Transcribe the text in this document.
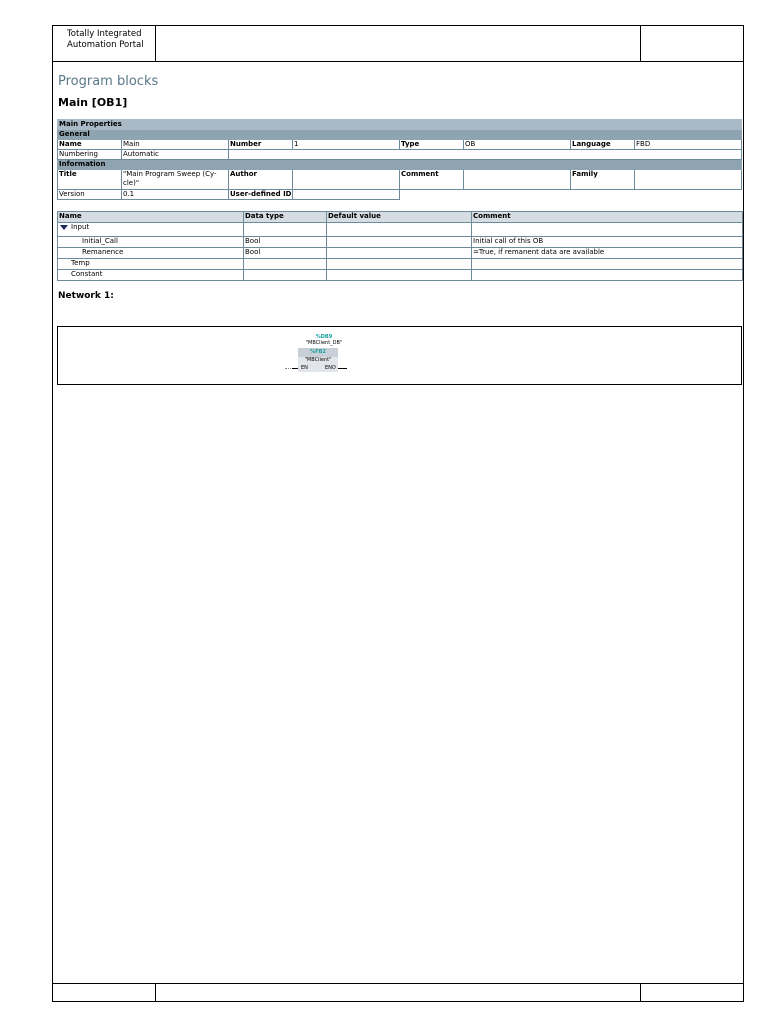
Totally Integrated
Automation Portal
Program blocks
Main [OB1]
Main Properties							
General							
Name	Main	Number	1	Type	OB	Language	FBD
Numbering	Automatic						
Information							
Title	"Main Program Sweep (Cy-cle)"	Author		Comment		Family	
Version	0.1	User-defined ID					
Name	Data type	Default value	Comment
Input			
Initial_Call	Bool		Initial call of this OB
Remanence	Bool		=True, if remanent data are available
Temp			
Constant			
Network 1:
%DB9
"MBClient_DB"
%FB2
"MBClient"
EN	ENO
